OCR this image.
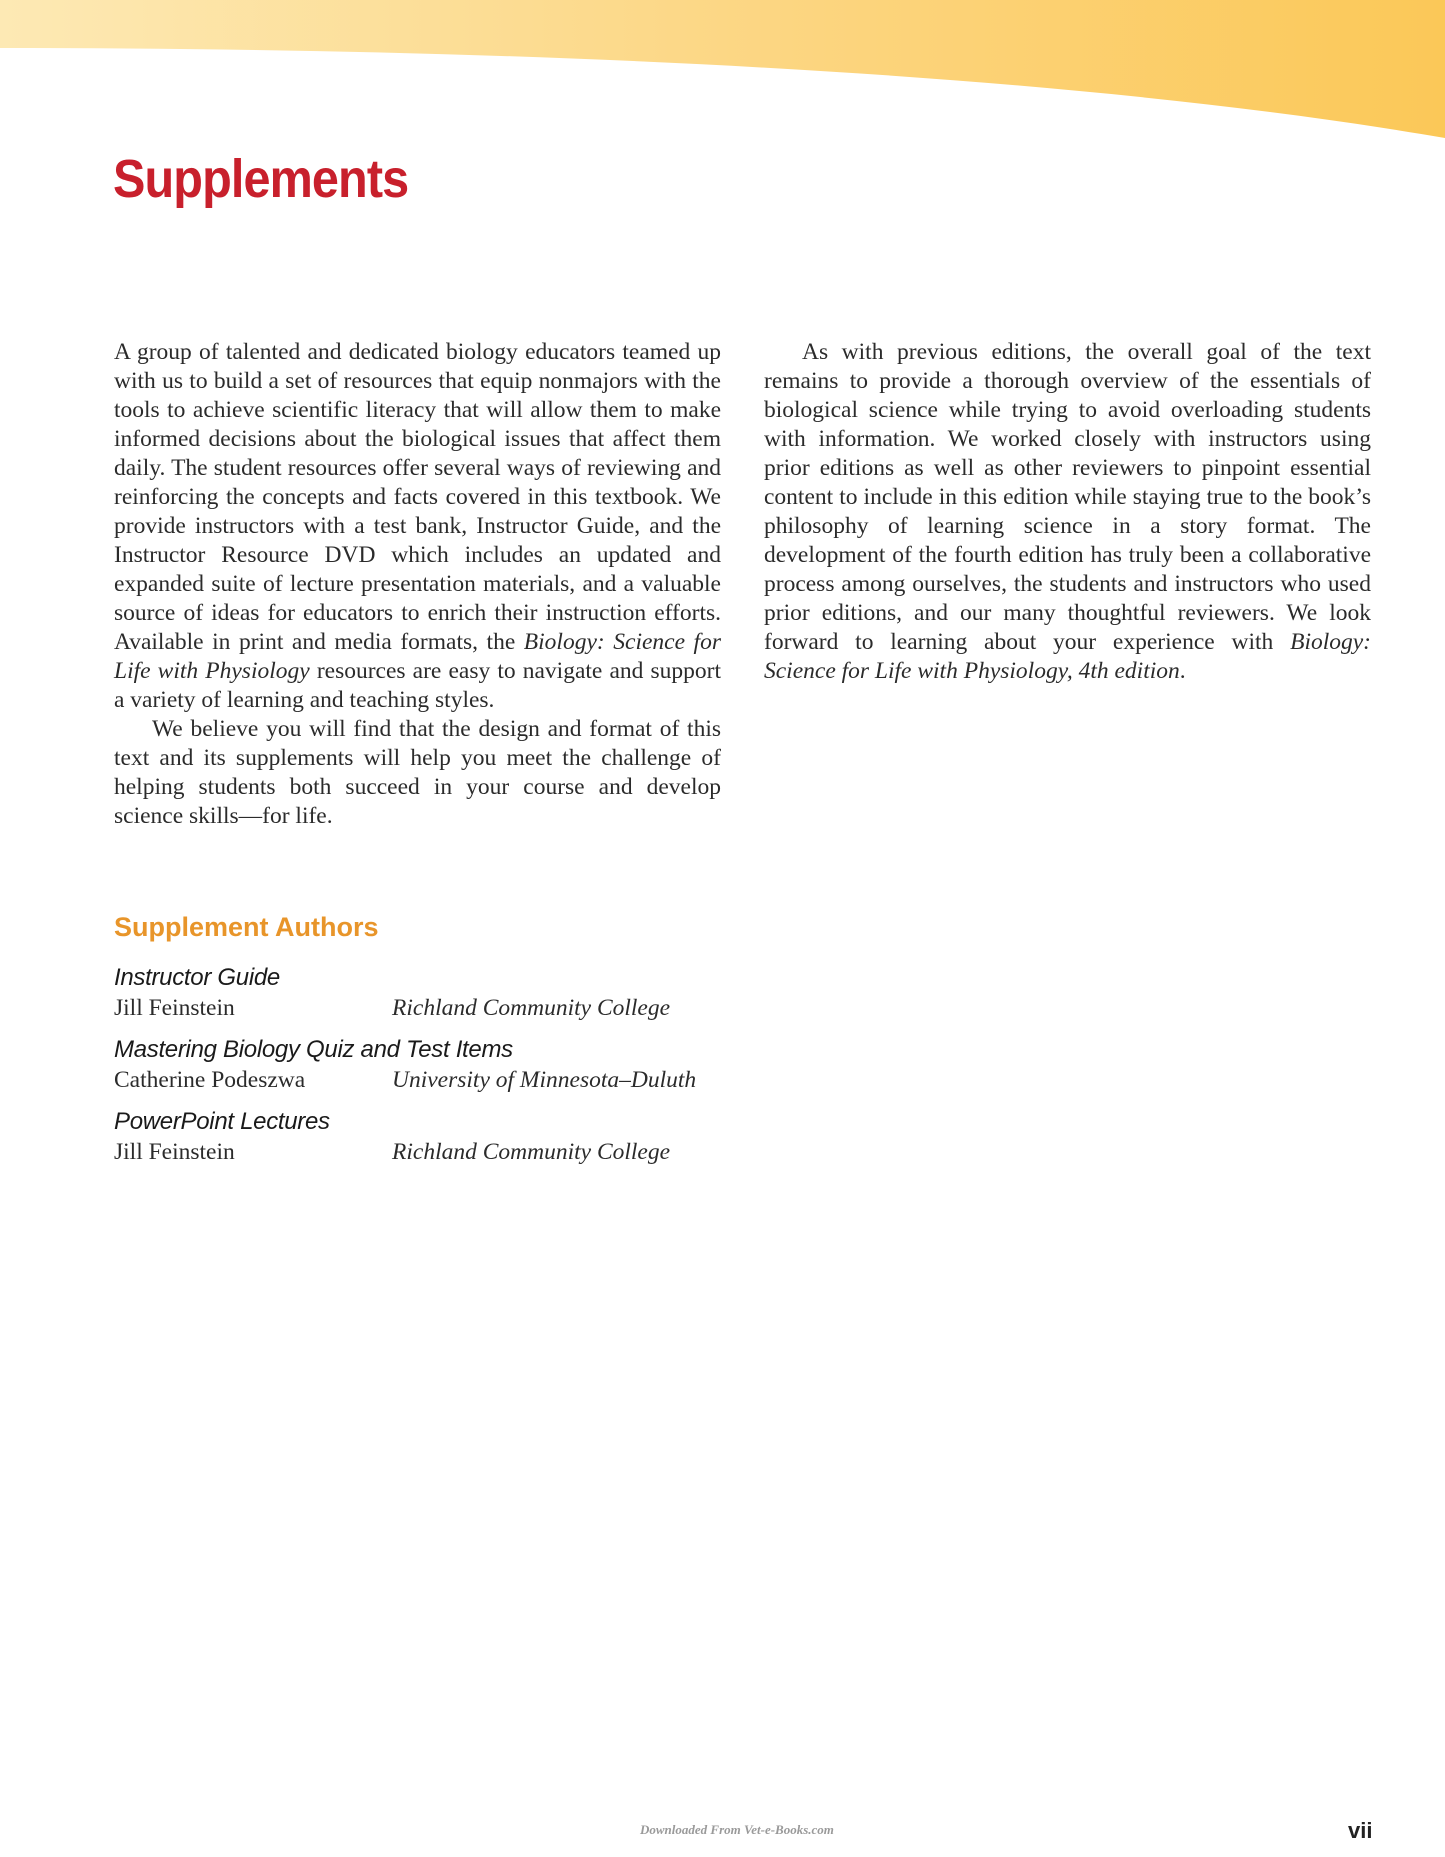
Supplements

A group of talented and dedicated biology educators teamed up with us to build a set of resources that equip nonmajors with the tools to achieve scientific literacy that will allow them to make informed decisions about the biological issues that affect them daily. The student resources offer several ways of reviewing and reinforcing the concepts and facts covered in this textbook. We provide instructors with a test bank, Instructor Guide, and the Instructor Resource DVD which includes an updated and expanded suite of lecture presentation materials, and a valuable source of ideas for educators to enrich their instruction efforts. Available in print and media formats, the Biology: Science for Life with Physiology resources are easy to navigate and support a variety of learning and teaching styles.

We believe you will find that the design and format of this text and its supplements will help you meet the challenge of helping students both succeed in your course and develop science skills—for life.

As with previous editions, the overall goal of the text remains to provide a thorough overview of the essentials of biological science while trying to avoid overloading students with information. We worked closely with instructors using prior editions as well as other reviewers to pinpoint essential content to include in this edition while staying true to the book’s philosophy of learning science in a story format. The development of the fourth edition has truly been a collaborative process among ourselves, the students and instructors who used prior editions, and our many thoughtful reviewers. We look forward to learning about your experience with Biology: Science for Life with Physiology, 4th edition.

Supplement Authors
Instructor Guide
Jill Feinstein	Richland Community College
Mastering Biology Quiz and Test Items
Catherine Podeszwa	University of Minnesota–Duluth
PowerPoint Lectures
Jill Feinstein	Richland Community College
Downloaded From Vet-e-Books.com	vii
